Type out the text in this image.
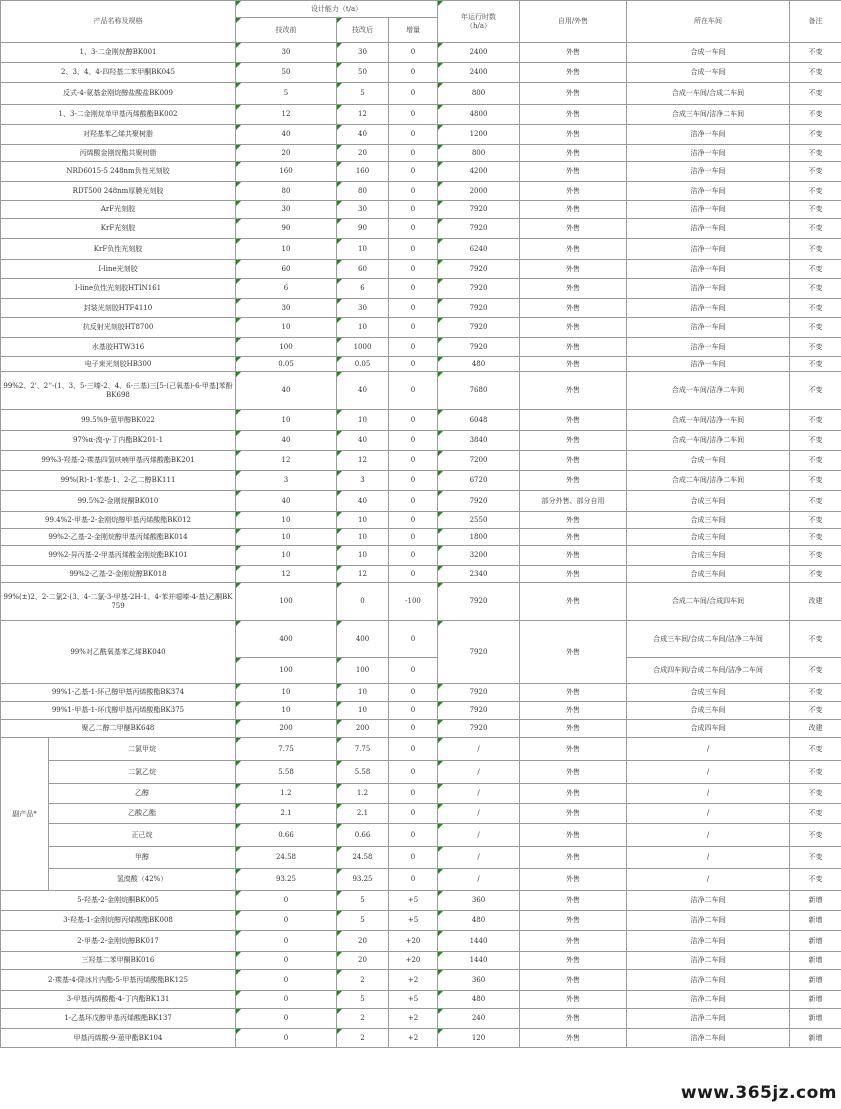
产品名称及规格		设计能力（t/a）			年运行时数
（h/a）	自用/外售	所在车间	备注
		技改前	技改后	增量				
1、3-二金刚烷醇BK001		30	30	0	2400	外售	合成一车间	不变
2、3、4、4-四羟基二苯甲酮BK045		50	50	0	2400	外售	合成一车间	不变
反式-4-氨基金刚烷醇盐酸盐BK009		5	5	0	800	外售	合成一车间/合成二车间	不变
1、3-二金刚烷单甲基丙烯酸酯BK002		12	12	0	4800	外售	合成三车间/洁净二车间	不变
对羟基苯乙烯共聚树脂		40	40	0	1200	外售	洁净一车间	不变
丙烯酸金刚烷酯共聚树脂		20	20	0	800	外售	洁净一车间	不变
NRD6015-5 248nm负性光刻胶		160	160	0	4200	外售	洁净一车间	不变
RDT500 248nm厚膜光刻胶		80	80	0	2000	外售	洁净一车间	不变
ArF光刻胶		30	30	0	7920	外售	洁净一车间	不变
KrF光刻胶		90	90	0	7920	外售	洁净一车间	不变
KrF负性光刻胶		10	10	0	6240	外售	洁净一车间	不变
I-line光刻胶		60	60	0	7920	外售	洁净一车间	不变
I-line负性光刻胶HTIN161		6	6	0	7920	外售	洁净一车间	不变
封装光刻胶HTF4110		30	30	0	7920	外售	洁净一车间	不变
抗反射光刻胶HT8700		10	10	0	7920	外售	洁净一车间	不变
水基胶HTW316		100	1000	0	7920	外售	洁净一车间	不变
电子束光刻胶HB300		0.05	0.05	0	480	外售	洁净一车间	不变
99%2、2'、2''-(1、3、5-三嗪-2、4、6-三基)三[5-(己氧基)-6-甲基]苯酚BK698		40	40	0	7680	外售	合成一车间/洁净二车间	不变
99.5%9-葸甲醇BK022		10	10	0	6048	外售	合成一车间/洁净一车间	不变
97%α-溴-γ-丁内酯BK201-1		40	40	0	3840	外售	合成一车间/洁净二车间	不变
99%3-羟基-2-羰基四氢呋喃甲基丙烯酸酯BK201		12	12	0	7200	外售	合成一车间	不变
99%(R)-1-苯基-1、2-乙二醇BK111		3	3	0	6720	外售	合成二车间/洁净二车间	不变
99.5%2-金刚烷酮BK010		40	40	0	7920	部分外售、部分自用	合成三车间	不变
99.4%2-甲基-2-金刚烷醇甲基丙烯酸酯BK012		10	10	0	2550	外售	合成三车间	不变
99%2-乙基-2-金刚烷醇甲基丙烯酸酯BK014		10	10	0	1800	外售	合成三车间	不变
99%2-异丙基-2-甲基丙烯酸金刚烷酯BK101		10	10	0	3200	外售	合成三车间	不变
99%2-乙基-2-金刚烷醇BK018		12	12	0	2340	外售	合成三车间	不变
99%(±)2、2-二氯2-(3、4-二氯-3-甲基-2H-1、4-苯并噁嗪-4-基)乙酮BK759		100	0	-100	7920	外售	合成二车间/合成四车间	改建
99%对乙酰氧基苯乙烯BK040		400	400	0	7920	外售	合成三车间/合成二车间/洁净二车间	不变
		100	100	0			合成四车间/合成二车间/洁净二车间	不变
99%1-乙基-1-环己醇甲基丙烯酸酯BK374		10	10	0	7920	外售	合成三车间	不变
99%1-甲基-1-环戊醇甲基丙烯酸酯BK375		10	10	0	7920	外售	合成三车间	不变
聚乙二醇二甲醚BK648		200	200	0	7920	外售	合成四车间	改建
副产品*	二氯甲烷	7.75	7.75	0	/	外售	/	不变
	二氯乙烷	5.58	5.58	0	/	外售	/	不变
	乙醇	1.2	1.2	0	/	外售	/	不变
	乙酸乙酯	2.1	2.1	0	/	外售	/	不变
	正己烷	0.66	0.66	0	/	外售	/	不变
	甲醇	24.58	24.58	0	/	外售	/	不变
	氢溴酸（42%）	93.25	93.25	0	/	外售	/	不变
5-羟基-2-金刚烷酮BK005		0	5	+5	360	外售	洁净二车间	新增
3-羟基-1-金刚烷醇丙烯酸酯BK008		0	5	+5	480	外售	洁净二车间	新增
2-甲基-2-金刚烷醇BK017		0	20	+20	1440	外售	洁净二车间	新增
三羟基二苯甲酮BK016		0	20	+20	1440	外售	洁净二车间	新增
2-羰基-4-降冰片内酯-5-甲基丙烯酸酯BK125		0	2	+2	360	外售	洁净二车间	新增
3-甲基丙烯酸酯-4-丁内酯BK131		0	5	+5	480	外售	洁净二车间	新增
1-乙基环戊醇甲基丙烯酸酯BK137		0	2	+2	240	外售	洁净二车间	新增
甲基丙烯酸-9-葸甲酯BK104		0	2	+2	120	外售	洁净二车间	新增
www.365jz.com
